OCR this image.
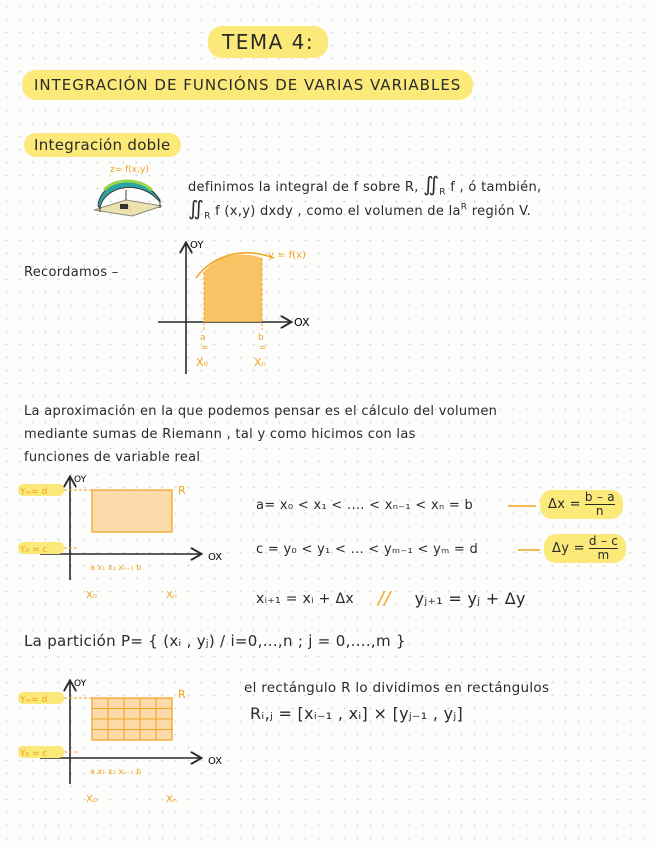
TEMA 4:
INTEGRACIÓN DE FUNCIÓNS DE VARIAS VARIABLES
Integración doble
z= f(x,y)
definimos la integral de f sobre R, $∬_R$ f , ó también,
$∬_R$ f (x,y) dxdy , como el volumen de $la^R$ región V.
Recordamos –
OY
OX
y = f(x)
a
=
X₀
b
=
Xₙ
La aproximación en la que podemos pensar es el cálculo del volumen
mediante sumas de Riemann , tal y como hicimos con las
funciones de variable real
Yₘ= d
Y₀ = c
R
OY
OX
a x₁ x₂ xₙ₋₁ b
X₀	Xₙ
a= x₀ < x₁ < .... < xₙ₋₁ < xₙ = b	$\Delta x = \frac{b - a}{n}$
c = y₀ < y₁ < ... < yₘ₋₁ < yₘ = d	$\Delta y = \frac{d - c}{m}$
xᵢ₊₁ = xᵢ + Δx // yⱼ₊₁ = yⱼ + Δy
La partición P= { (xᵢ , yⱼ) / i=0,...,n ; j = 0,....,m }
Yₘ= d
Y₀ = c
R
OY
OX
a x₁ x₂ xₙ₋₁ b
X₀	Xₙ
el rectángulo R lo dividimos en rectángulos
Rᵢ,ⱼ = [xᵢ₋₁ , xᵢ] × [yⱼ₋₁ , yⱼ]
